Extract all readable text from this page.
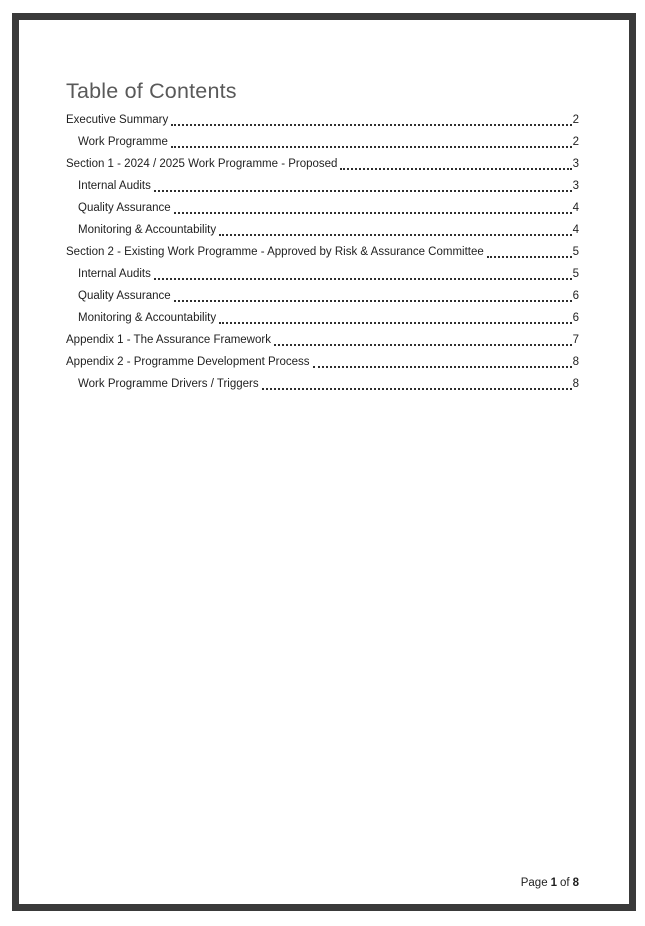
Table of Contents
Executive Summary	2
Work Programme	2
Section 1 - 2024 / 2025 Work Programme - Proposed	3
Internal Audits	3
Quality Assurance	4
Monitoring & Accountability	4
Section 2 - Existing Work Programme - Approved by Risk & Assurance Committee	5
Internal Audits	5
Quality Assurance	6
Monitoring & Accountability	6
Appendix 1 - The Assurance Framework	7
Appendix 2 - Programme Development Process	8
Work Programme Drivers / Triggers	8
Page 1 of 8
